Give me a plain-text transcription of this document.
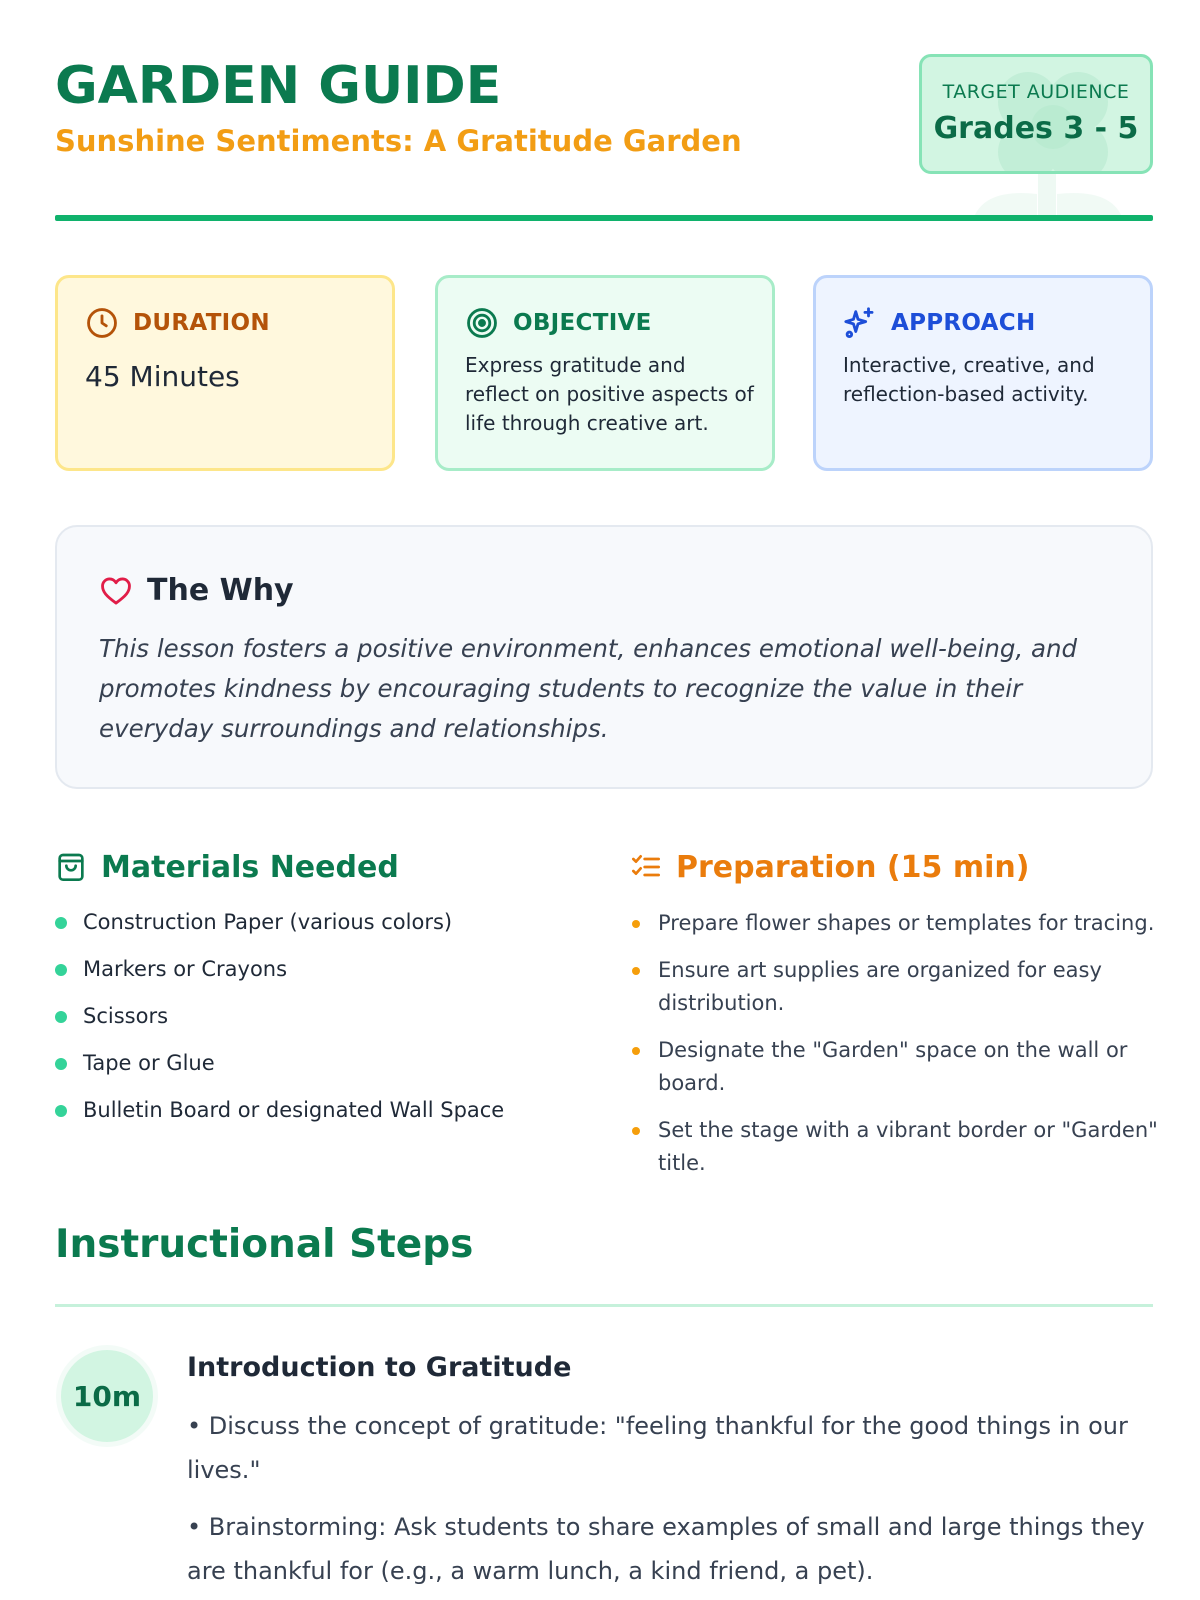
GARDEN GUIDE
Sunshine Sentiments: A Gratitude Garden
TARGET AUDIENCE
Grades 3 - 5
DURATION
45 Minutes
OBJECTIVE
Express gratitude and reflect on positive aspects of life through creative art.
APPROACH
Interactive, creative, and reflection-based activity.
The Why
This lesson fosters a positive environment, enhances emotional well-being, and promotes kindness by encouraging students to recognize the value in their everyday surroundings and relationships.
Materials Needed
Construction Paper (various colors)
Markers or Crayons
Scissors
Tape or Glue
Bulletin Board or designated Wall Space
Preparation (15 min)
Prepare flower shapes or templates for tracing.
Ensure art supplies are organized for easy distribution.
Designate the "Garden" space on the wall or board.
Set the stage with a vibrant border or "Garden" title.
Instructional Steps
10m
Introduction to Gratitude
• Discuss the concept of gratitude: "feeling thankful for the good things in our lives."
• Brainstorming: Ask students to share examples of small and large things they are thankful for (e.g., a warm lunch, a kind friend, a pet).
